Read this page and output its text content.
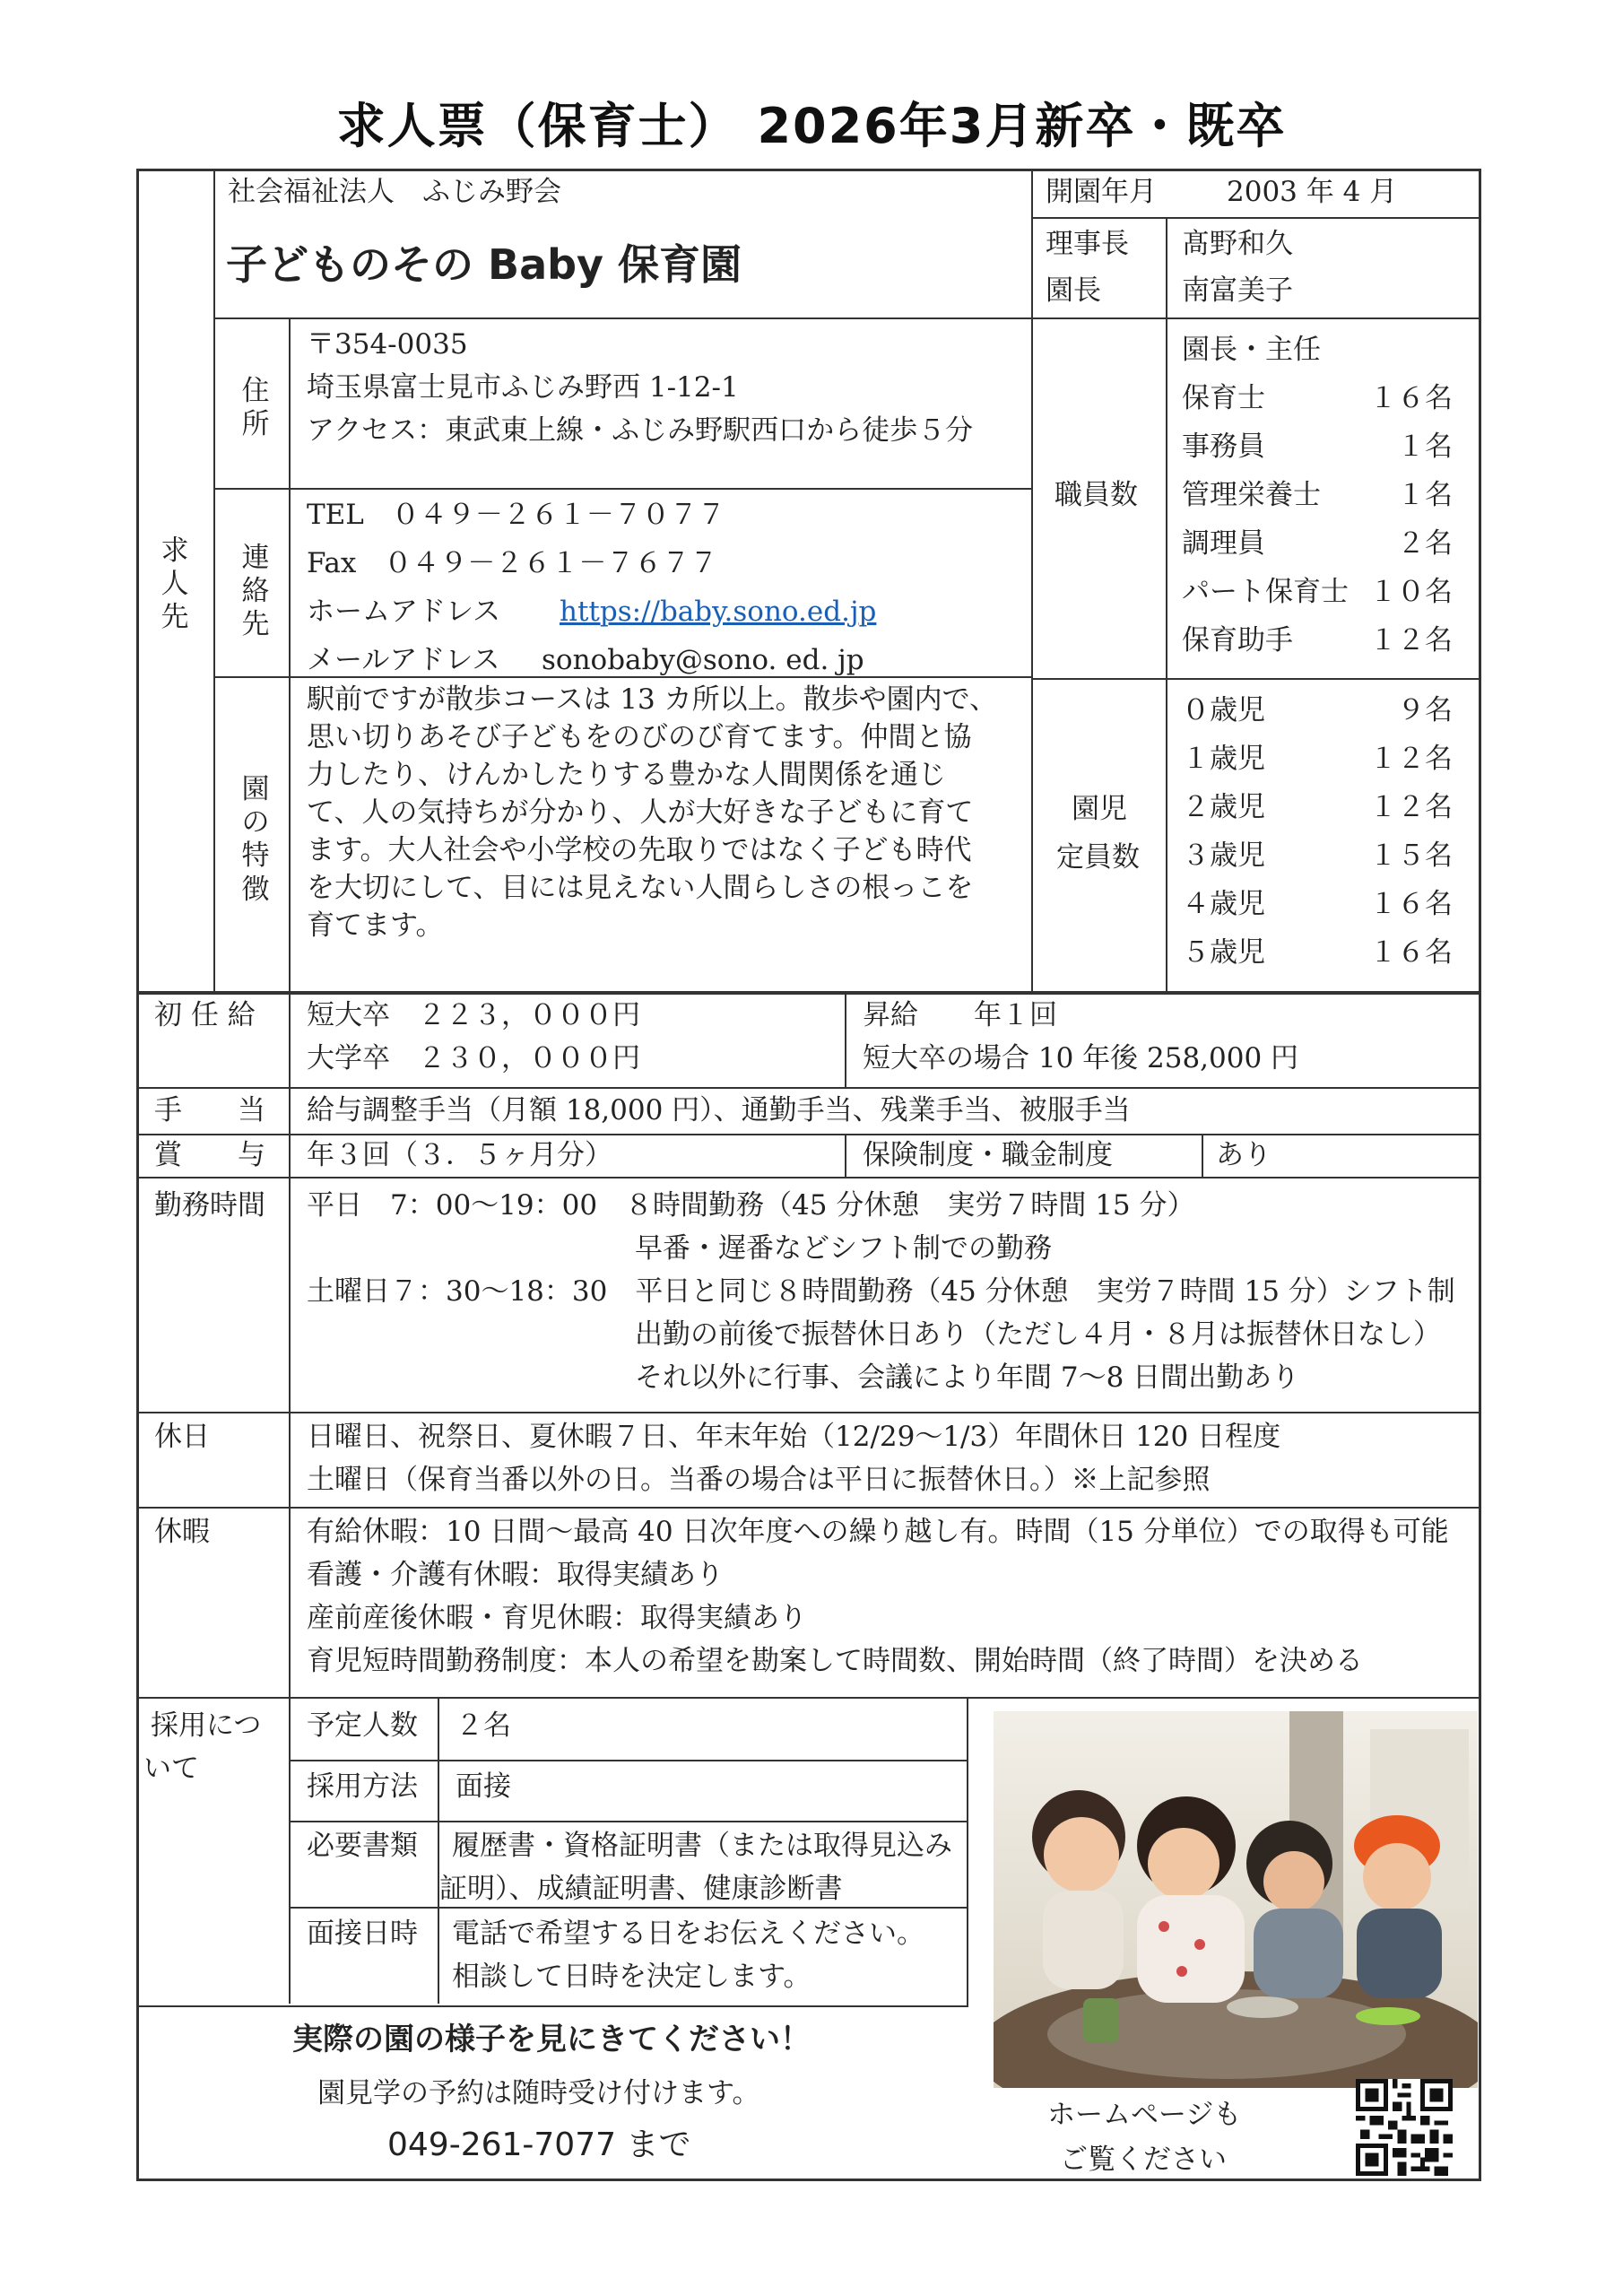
求人票（保育士） 2026年3月新卒・既卒
社会福祉法人　ふじみ野会
子どものその Baby 保育園
開園年月	2003 年 4 月
理事長 髙野和久
園長	南富美子
求人先
住所
〒354-0035
埼玉県富士見市ふじみ野西 1-12-1
アクセス：東武東上線・ふじみ野駅西口から徒歩５分
連絡先
TEL　０４９－２６１－７０７７
Fax　０４９－２６１－７６７７
ホームアドレス https://baby.sono.ed.jp
メールアドレス sonobaby@sono. ed. jp
園の特徴
駅前ですが散歩コースは 13 カ所以上。散歩や園内で、
思い切りあそび子どもをのびのび育てます。仲間と協
力したり、けんかしたりする豊かな人間関係を通じ
て、人の気持ちが分かり、人が大好きな子どもに育て
ます。大人社会や小学校の先取りではなく子ども時代
を大切にして、目には見えない人間らしさの根っこを
育てます。
職員数
園長・主任
保育士	１６名
事務員	１名
管理栄養士	１名
調理員	２名
パート保育士 １０名
保育助手	１２名
園児
定員数
０歳児	９名
１歳児	１２名
２歳児	１２名
３歳児	１５名
４歳児	１６名
５歳児	１６名
初 任 給 短大卒　２２３，０００円
大学卒　２３０，０００円
昇給　　年１回
短大卒の場合 10 年後 258,000 円
手　　当 給与調整手当（月額 18,000 円）、通勤手当、残業手当、被服手当
賞　　与 年３回（３．５ヶ月分）	保険制度・職金制度	あり
勤務時間 平日　7：00～19：00　８時間勤務（45 分休憩　実労７時間 15 分）
早番・遅番などシフト制での勤務
土曜日７：30～18：30　平日と同じ８時間勤務（45 分休憩　実労７時間 15 分）シフト制
出勤の前後で振替休日あり（ただし４月・８月は振替休日なし）
それ以外に行事、会議により年間 7～8 日間出勤あり
休日	日曜日、祝祭日、夏休暇７日、年末年始（12/29～1/3）年間休日 120 日程度
土曜日（保育当番以外の日。当番の場合は平日に振替休日。）※上記参照
休暇	有給休暇：10 日間～最高 40 日次年度への繰り越し有。時間（15 分単位）での取得も可能
看護・介護有休暇：取得実績あり
産前産後休暇・育児休暇：取得実績あり
育児短時間勤務制度：本人の希望を勘案して時間数、開始時間（終了時間）を決める
採用につ
いて
予定人数 ２名
採用方法 面接
必要書類 履歴書・資格証明書（または取得見込み
証明）、成績証明書、健康診断書
面接日時 電話で希望する日をお伝えください。
相談して日時を決定します。
実際の園の様子を見にきてください！
園見学の予約は随時受け付けます。
049-261-7077 まで
ホームページも
ご覧ください
